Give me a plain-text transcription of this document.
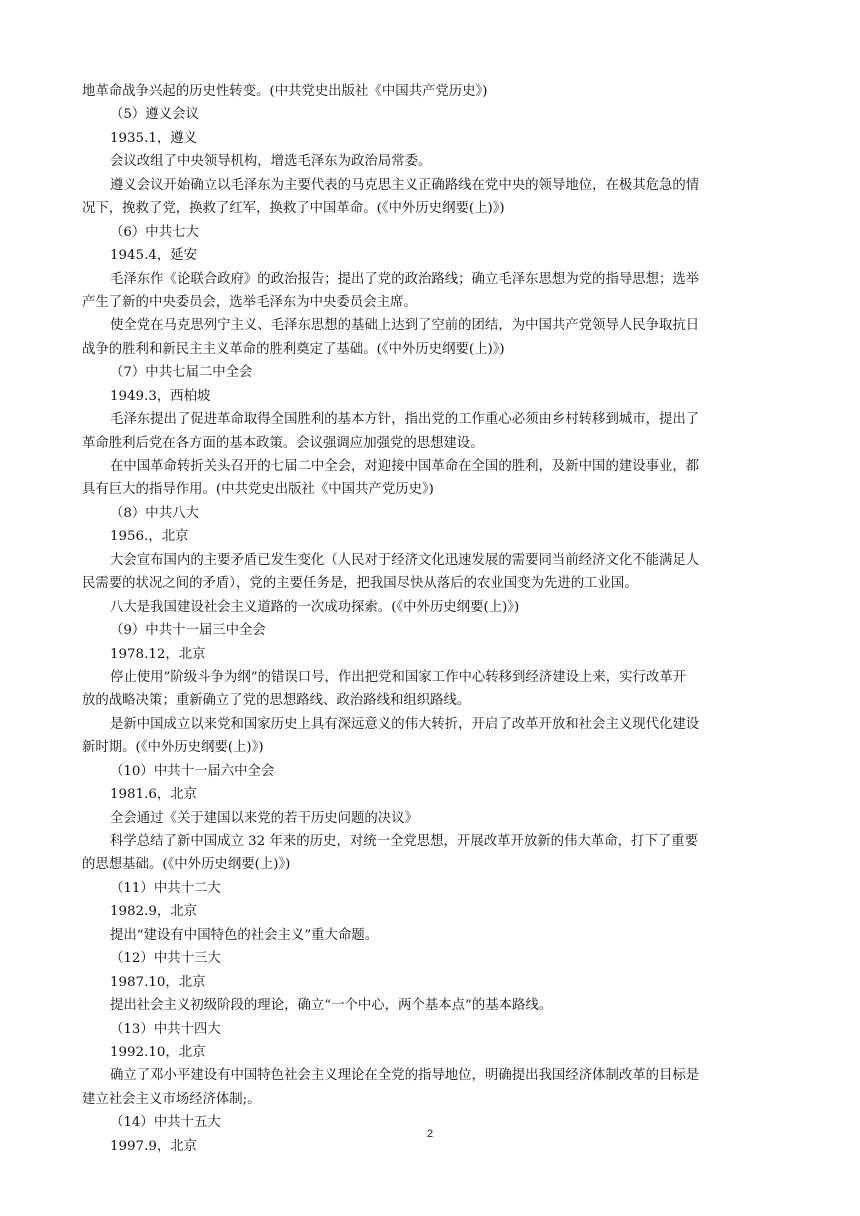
地革命战争兴起的历史性转变。(中共党史出版社《中国共产党历史》)
（5）遵义会议
1935.1，遵义
会议改组了中央领导机构，增选毛泽东为政治局常委。
遵义会议开始确立以毛泽东为主要代表的马克思主义正确路线在党中央的领导地位，在极其危急的情
况下，挽救了党，换救了红军，换救了中国革命。(《中外历史纲要(上)》)
（6）中共七大
1945.4，延安
毛泽东作《论联合政府》的政治报告；提出了党的政治路线；确立毛泽东思想为党的指导思想；选举
产生了新的中央委员会，选举毛泽东为中央委员会主席。
使全党在马克思列宁主义、毛泽东思想的基础上达到了空前的团结，为中国共产党领导人民争取抗日
战争的胜利和新民主主义革命的胜利奠定了基础。(《中外历史纲要(上)》)
（7）中共七届二中全会
1949.3，西柏坡
毛泽东提出了促进革命取得全国胜利的基本方针，指出党的工作重心必须由乡村转移到城市，提出了
革命胜利后党在各方面的基本政策。会议强调应加强党的思想建设。
在中国革命转折关头召开的七届二中全会，对迎接中国革命在全国的胜利，及新中国的建设事业，都
具有巨大的指导作用。(中共党史出版社《中国共产党历史》)
（8）中共八大
1956.，北京
大会宣布国内的主要矛盾已发生变化（人民对于经济文化迅速发展的需要同当前经济文化不能满足人
民需要的状况之间的矛盾），党的主要任务是，把我国尽快从落后的农业国变为先进的工业国。
八大是我国建设社会主义道路的一次成功探索。(《中外历史纲要(上)》)
（9）中共十一届三中全会
1978.12，北京
停止使用”阶级斗争为纲”的错误口号，作出把党和国家工作中心转移到经济建设上来，实行改革开
放的战略决策；重新确立了党的思想路线、政治路线和组织路线。
是新中国成立以来党和国家历史上具有深远意义的伟大转折，开启了改革开放和社会主义现代化建设
新时期。(《中外历史纲要(上)》)
（10）中共十一届六中全会
1981.6，北京
全会通过《关于建国以来党的若干历史问题的决议》
科学总结了新中国成立 32 年来的历史，对统一全党思想，开展改革开放新的伟大革命，打下了重要
的思想基础。(《中外历史纲要(上)》)
（11）中共十二大
1982.9，北京
提出“建设有中国特色的社会主义”重大命题。
（12）中共十三大
1987.10，北京
提出社会主义初级阶段的理论，确立“一个中心，两个基本点”的基本路线。
（13）中共十四大
1992.10，北京
确立了邓小平建设有中国特色社会主义理论在全党的指导地位，明确提出我国经济体制改革的目标是
建立社会主义市场经济体制;。
（14）中共十五大
1997.9，北京
2
